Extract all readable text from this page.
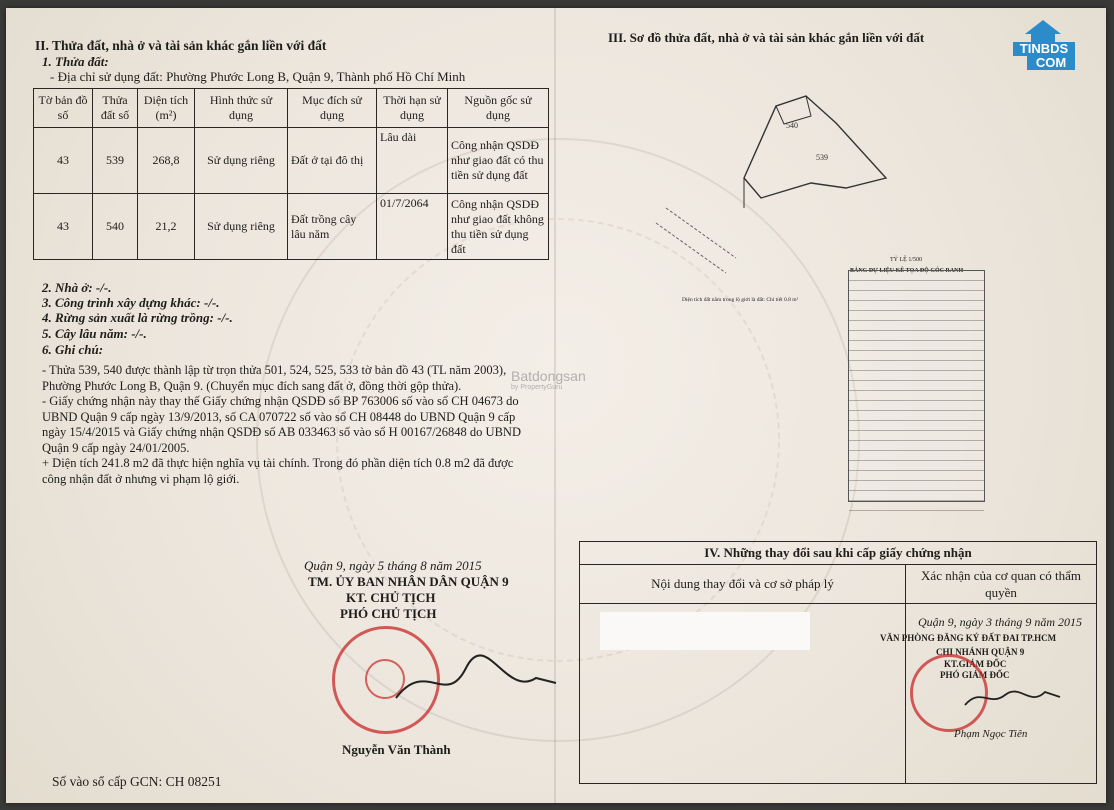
II. Thửa đất, nhà ở và tài sản khác gắn liền với đất
1. Thửa đất:
- Địa chỉ sử dụng đất: Phường Phước Long B, Quận 9, Thành phố Hồ Chí Minh
Tờ bản đồ số	Thửa đất số	Diện tích (m²)	Hình thức sử dụng	Mục đích sử dụng	Thời hạn sử dụng	Nguồn gốc sử dụng
43	539	268,8	Sử dụng riêng	Đất ở tại đô thị	Lâu dài	Công nhận QSDĐ như giao đất có thu tiền sử dụng đất
43	540	21,2	Sử dụng riêng	Đất trồng cây lâu năm	01/7/2064	Công nhận QSDĐ như giao đất không thu tiền sử dụng đất
2. Nhà ở: -/-.
3. Công trình xây dựng khác: -/-.
4. Rừng sản xuất là rừng trồng: -/-.
5. Cây lâu năm: -/-.
6. Ghi chú:

- Thửa 539, 540 được thành lập từ trọn thửa 501, 524, 525, 533 tờ bản đồ 43 (TL năm 2003), Phường Phước Long B, Quận 9. (Chuyển mục đích sang đất ở, đồng thời gộp thửa).

- Giấy chứng nhận này thay thế Giấy chứng nhận QSDĐ số BP 763006 số vào sổ CH 04673 do UBND Quận 9 cấp ngày 13/9/2013, số CA 070722 số vào sổ CH 08448 do UBND Quận 9 cấp ngày 15/4/2015 và Giấy chứng nhận QSDĐ số AB 033463 số vào sổ H 00167/26848 do UBND Quận 9 cấp ngày 24/01/2005.

+ Diện tích 241.8 m2 đã thực hiện nghĩa vụ tài chính. Trong đó phần diện tích 0.8 m2 đã được công nhận đất ở nhưng vi phạm lộ giới.

Batdongsan
by PropertyGuru
Quận 9, ngày 5 tháng 8 năm 2015
TM. ỦY BAN NHÂN DÂN QUẬN 9
KT. CHỦ TỊCH
PHÓ CHỦ TỊCH
Nguyễn Văn Thành
Số vào sổ cấp GCN: CH 08251
III. Sơ đồ thửa đất, nhà ở và tài sản khác gắn liền với đất
540
539
TỶ LỆ 1/500
BẢNG DỰ LIỆU KÊ TỌA ĐỘ GÓC RANH
Diện tích đất nằm trong lộ giới là đất: Chỉ tiết 0.8 m²
TINBDS
COM
IV. Những thay đổi sau khi cấp giấy chứng nhận
Nội dung thay đổi và cơ sở pháp lý
Xác nhận của cơ quan có thẩm quyền
Quận 9, ngày 3 tháng 9 năm 2015
VĂN PHÒNG ĐĂNG KÝ ĐẤT ĐAI TP.HCM
CHI NHÁNH QUẬN 9
KT.GIÁM ĐỐC
PHÓ GIÁM ĐỐC
Phạm Ngọc Tiên
